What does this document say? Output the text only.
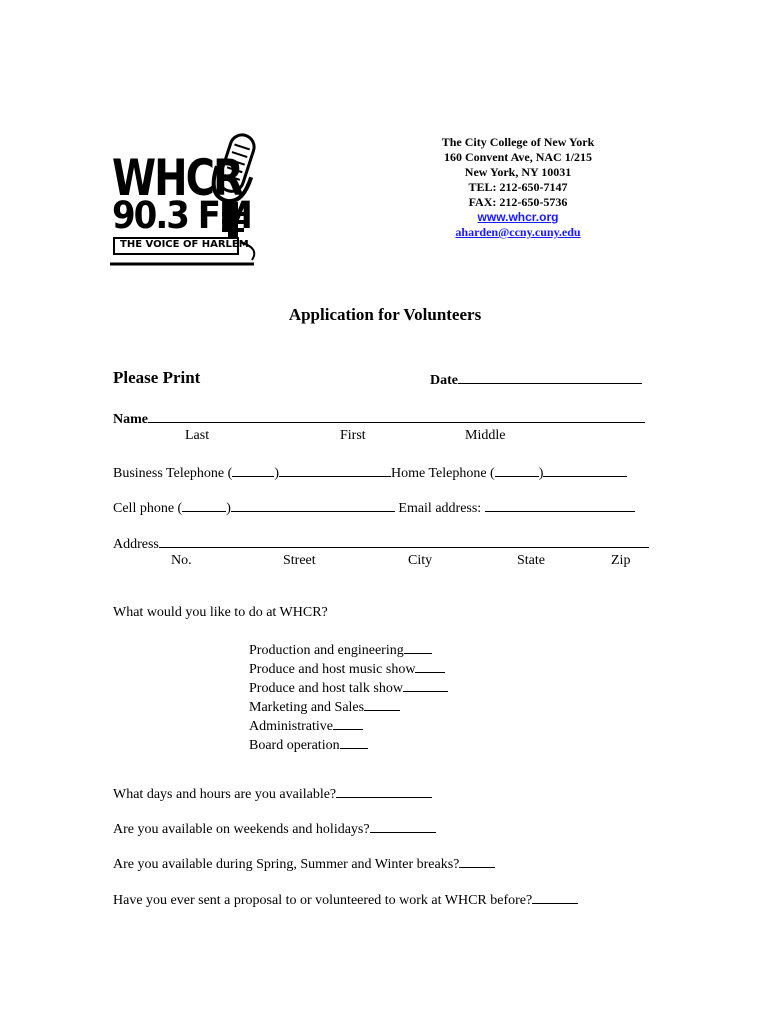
WHCR
90.3 FM
THE VOICE OF HARLEM
The City College of New York
160 Convent Ave, NAC 1/215
New York, NY 10031
TEL: 212-650-7147
FAX: 212-650-5736
www.whcr.org
aharden@ccny.cuny.edu
Application for Volunteers
Please Print	Date
Name
Last	First	Middle
Business Telephone (	)	Home Telephone (	)
Cell phone (	)	Email address:
Address
No.	Street	City	State	Zip
What would you like to do at WHCR?
Production and engineering
Produce and host music show
Produce and host talk show
Marketing and Sales
Administrative
Board operation
What days and hours are you available?
Are you available on weekends and holidays?
Are you available during Spring, Summer and Winter breaks?
Have you ever sent a proposal to or volunteered to work at WHCR before?
